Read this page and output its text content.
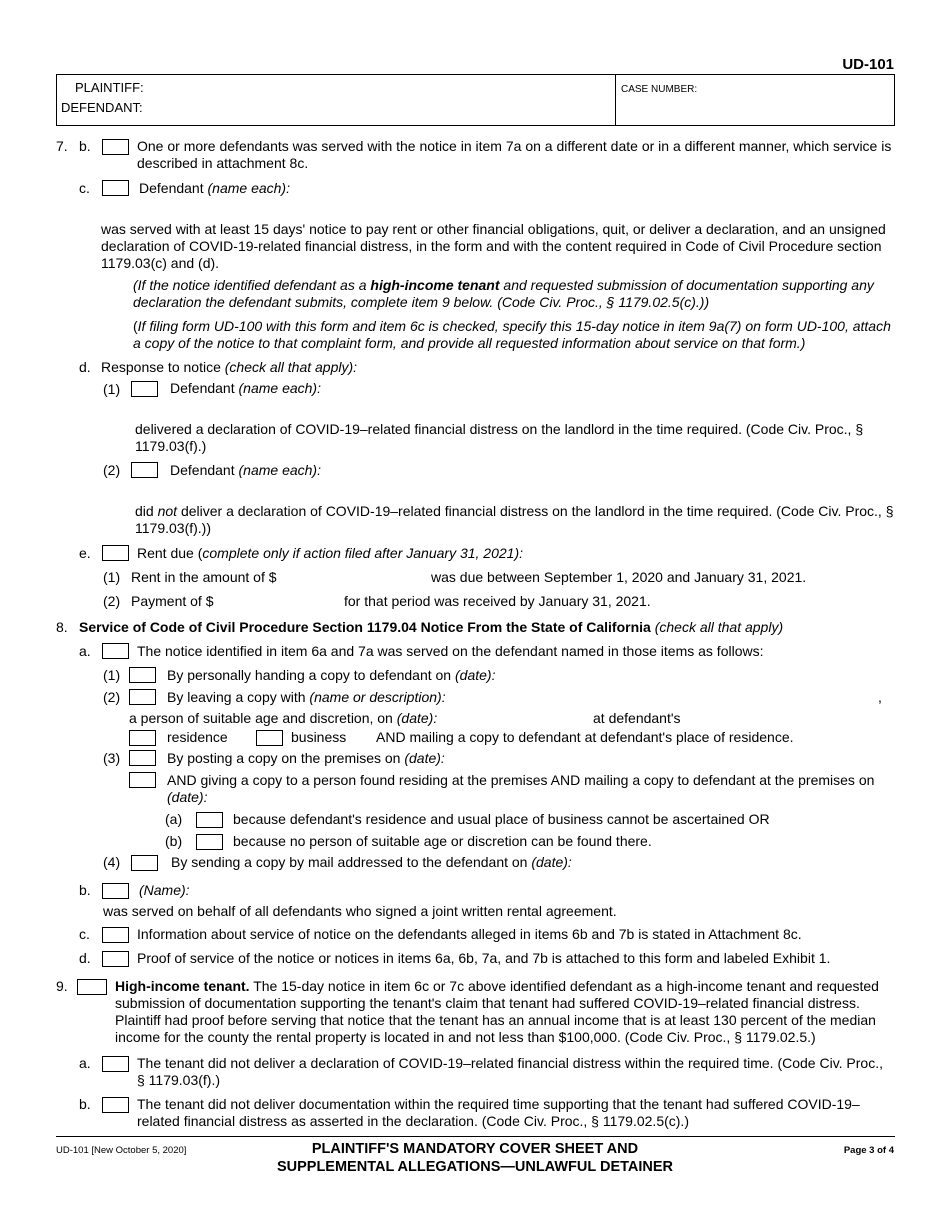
UD-101
PLAINTIFF:
DEFENDANT:
CASE NUMBER:
7. b.	One or more defendants was served with the notice in item 7a on a different date or in a different manner, which service is described in attachment 8c.
c.	Defendant (name each):
was served with at least 15 days' notice to pay rent or other financial obligations, quit, or deliver a declaration, and an unsigned declaration of COVID-19-related financial distress, in the form and with the content required in Code of Civil Procedure section 1179.03(c) and (d).
(If the notice identified defendant as a high-income tenant and requested submission of documentation supporting any declaration the defendant submits, complete item 9 below. (Code Civ. Proc., § 1179.02.5(c).))
(If filing form UD-100 with this form and item 6c is checked, specify this 15-day notice in item 9a(7) on form UD-100, attach a copy of the notice to that complaint form, and provide all requested information about service on that form.)
d. Response to notice (check all that apply):
(1)	Defendant (name each):
delivered a declaration of COVID-19–related financial distress on the landlord in the time required. (Code Civ. Proc., § 1179.03(f).)
(2)	Defendant (name each):
did not deliver a declaration of COVID-19–related financial distress on the landlord in the time required. (Code Civ. Proc., § 1179.03(f).))
e.	Rent due (complete only if action filed after January 31, 2021):
(1) Rent in the amount of $	was due between September 1, 2020 and January 31, 2021.
(2) Payment of $	for that period was received by January 31, 2021.
8. Service of Code of Civil Procedure Section 1179.04 Notice From the State of California (check all that apply)
a.	The notice identified in item 6a and 7a was served on the defendant named in those items as follows:
(1)	By personally handing a copy to defendant on (date):
(2)	By leaving a copy with (name or description):	,
a person of suitable age and discretion, on (date):	at defendant's
residence	business AND mailing a copy to defendant at defendant's place of residence.
(3)	By posting a copy on the premises on (date):
AND giving a copy to a person found residing at the premises AND mailing a copy to defendant at the premises on (date):
(a)	because defendant's residence and usual place of business cannot be ascertained OR
(b)	because no person of suitable age or discretion can be found there.
(4)	By sending a copy by mail addressed to the defendant on (date):
b.	(Name):
was served on behalf of all defendants who signed a joint written rental agreement.
c.	Information about service of notice on the defendants alleged in items 6b and 7b is stated in Attachment 8c.
d.	Proof of service of the notice or notices in items 6a, 6b, 7a, and 7b is attached to this form and labeled Exhibit 1.
9.	High-income tenant. The 15-day notice in item 6c or 7c above identified defendant as a high-income tenant and requested submission of documentation supporting the tenant's claim that tenant had suffered COVID-19–related financial distress. Plaintiff had proof before serving that notice that the tenant has an annual income that is at least 130 percent of the median income for the county the rental property is located in and not less than $100,000. (Code Civ. Proc., § 1179.02.5.)
a.	The tenant did not deliver a declaration of COVID-19–related financial distress within the required time. (Code Civ. Proc., § 1179.03(f).)
b.	The tenant did not deliver documentation within the required time supporting that the tenant had suffered COVID-19–related financial distress as asserted in the declaration. (Code Civ. Proc., § 1179.02.5(c).)
UD-101 [New October 5, 2020]	PLAINTIFF'S MANDATORY COVER SHEET AND
SUPPLEMENTAL ALLEGATIONS—UNLAWFUL DETAINER
Page 3 of 4
